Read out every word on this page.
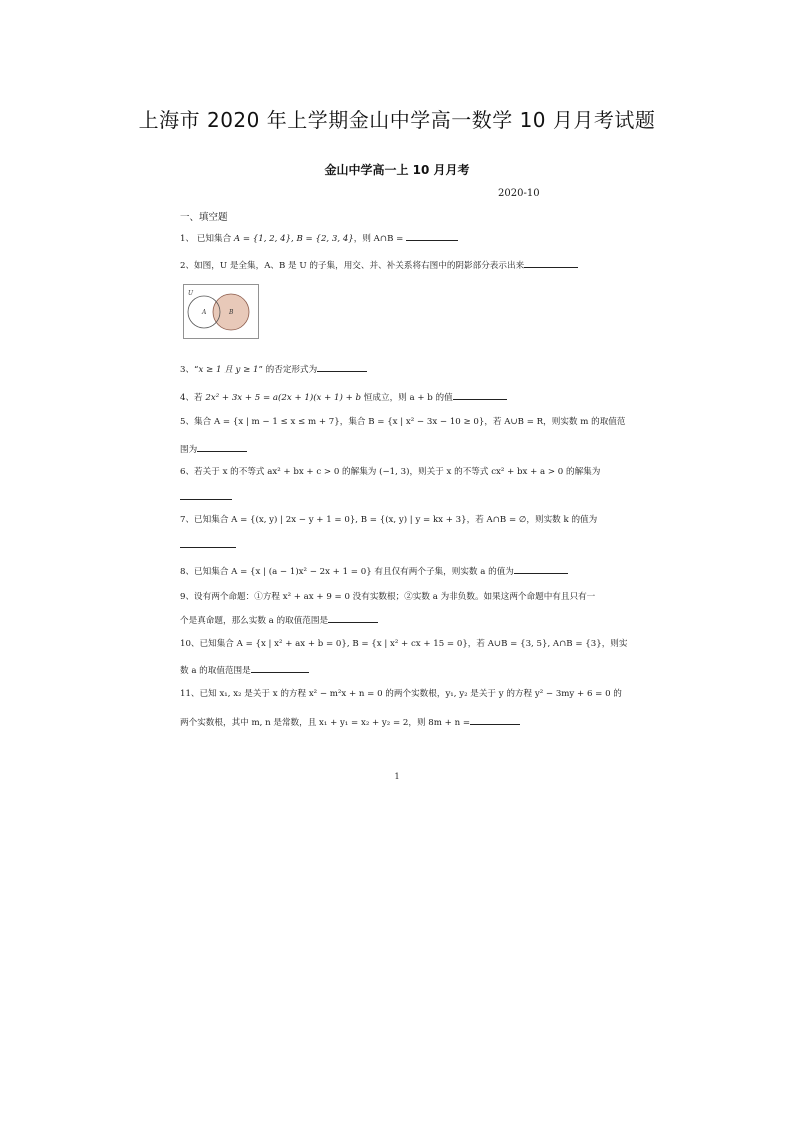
上海市 2020 年上学期金山中学高一数学 10 月月考试题
金山中学高一上 10 月月考
2020-10
一、填空题
1、 已知集合 A = {1, 2, 4}, B = {2, 3, 4}，则 A∩B =
2、如图，U 是全集，A、B 是 U 的子集，用交、并、补关系将右图中的阴影部分表示出来
U
A	B
3、“x ≥ 1 且 y ≥ 1” 的否定形式为
4、若 2x² + 3x + 5 = a(2x + 1)(x + 1) + b 恒成立，则 a + b 的值
5、集合 A = {x | m − 1 ≤ x ≤ m + 7}，集合 B = {x | x² − 3x − 10 ≥ 0}，若 A∪B = R，则实数 m 的取值范
围为
6、若关于 x 的不等式 ax² + bx + c > 0 的解集为 (−1, 3)，则关于 x 的不等式 cx² + bx + a > 0 的解集为
7、已知集合 A = {(x, y) | 2x − y + 1 = 0}, B = {(x, y) | y = kx + 3}，若 A∩B = ∅，则实数 k 的值为
8、已知集合 A = {x | (a − 1)x² − 2x + 1 = 0} 有且仅有两个子集，则实数 a 的值为
9、设有两个命题：①方程 x² + ax + 9 = 0 没有实数根；②实数 a 为非负数。如果这两个命题中有且只有一
个是真命题，那么实数 a 的取值范围是
10、已知集合 A = {x | x² + ax + b = 0}, B = {x | x² + cx + 15 = 0}，若 A∪B = {3, 5}, A∩B = {3}，则实
数 a 的取值范围是
11、已知 x₁, x₂ 是关于 x 的方程 x² − m²x + n = 0 的两个实数根，y₁, y₂ 是关于 y 的方程 y² − 3my + 6 = 0 的
两个实数根，其中 m, n 是常数，且 x₁ + y₁ = x₂ + y₂ = 2，则 8m + n =
1
